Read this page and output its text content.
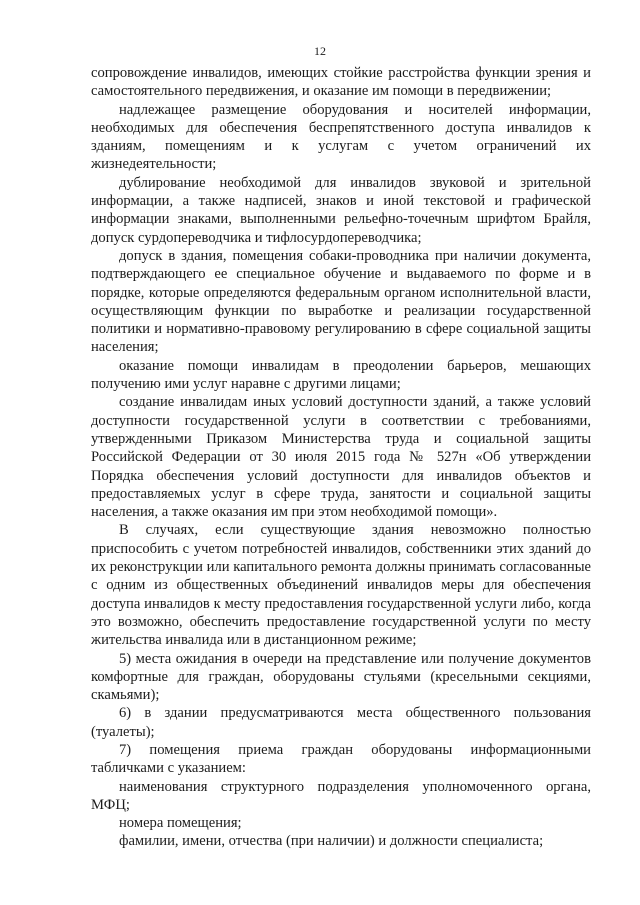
12

сопровождение инвалидов, имеющих стойкие расстройства функции зрения и самостоятельного передвижения, и оказание им помощи в передвижении;

надлежащее размещение оборудования и носителей информации, необходимых для обеспечения беспрепятственного доступа инвалидов к зданиям, помещениям и к услугам с учетом ограничений их жизнедеятельности;

дублирование необходимой для инвалидов звуковой и зрительной информации, а также надписей, знаков и иной текстовой и графической информации знаками, выполненными рельефно-точечным шрифтом Брайля, допуск сурдопереводчика и тифлосурдопереводчика;

допуск в здания, помещения собаки-проводника при наличии документа, подтверждающего ее специальное обучение и выдаваемого по форме и в порядке, которые определяются федеральным органом исполнительной власти, осуществляющим функции по выработке и реализации государственной политики и нормативно-правовому регулированию в сфере социальной защиты населения;

оказание помощи инвалидам в преодолении барьеров, мешающих получению ими услуг наравне с другими лицами;

создание инвалидам иных условий доступности зданий, а также условий доступности государственной услуги в соответствии с требованиями, утвержденными Приказом Министерства труда и социальной защиты Российской Федерации от 30 июля 2015 года № 527н «Об утверждении Порядка обеспечения условий доступности для инвалидов объектов и предоставляемых услуг в сфере труда, занятости и социальной защиты населения, а также оказания им при этом необходимой помощи».

В случаях, если существующие здания невозможно полностью приспособить с учетом потребностей инвалидов, собственники этих зданий до их реконструкции или капитального ремонта должны принимать согласованные с одним из общественных объединений инвалидов меры для обеспечения доступа инвалидов к месту предоставления государственной услуги либо, когда это возможно, обеспечить предоставление государственной услуги по месту жительства инвалида или в дистанционном режиме;

5) места ожидания в очереди на представление или получение документов комфортные для граждан, оборудованы стульями (кресельными секциями, скамьями);

6) в здании предусматриваются места общественного пользования (туалеты);

7) помещения приема граждан оборудованы информационными табличками с указанием:

наименования структурного подразделения уполномоченного органа, МФЦ;

номера помещения;

фамилии, имени, отчества (при наличии) и должности специалиста;
